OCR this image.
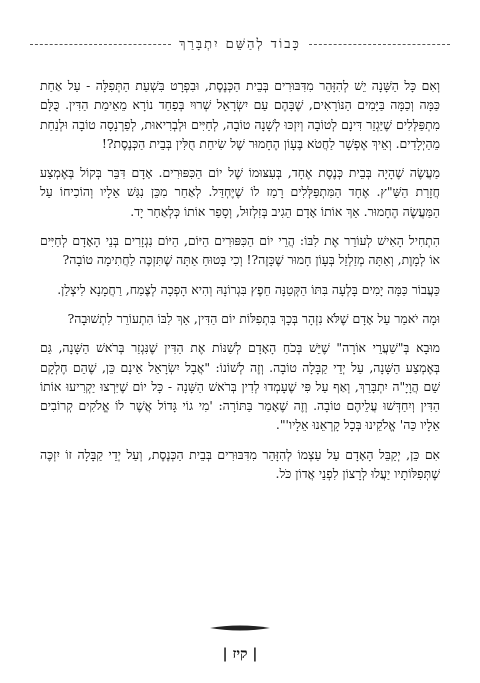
כָּבוֹד לְהַשֵּׁם יִתְבָּרַךְ

וְאִם כָּל הַשָּׁנָה יֵשׁ לְהִזָּהֵר מִדִּבּוּרִים בְּבֵית הַכְּנֶסֶת, וּבִפְרָט בִּשְׁעַת הַתְּפִלָּה - עַל אַחַת כַּמָּה וְכַמָּה בַּיָּמִים הַנּוֹרָאִים, שֶׁבָּהֶם עַם יִשְׂרָאֵל שְׁרוּיִ בְּפַחַד נוֹרָא מֵאֵימַת הַדִּין. כֻּלָּם מִתְפַּלְּלִים שֶׁיַּגְזֵר דִּינָם לְטוֹבָה וְיִזְכּוּ לְשָׁנָה טוֹבָה, לְחַיִּים וּלְבְרִיאוּת, לְפַרְנָסָה טוֹבָה וּלְנַחַת מֵהַיְלָדִים. וְאֵיךְ אֶפְשָׁר לַחֲטֹא בֶּעָוֹן הֶחָמוּר שֶׁל שִׂיחַת חֻלִּין בְּבֵית הַכְּנֶסֶת?!

מַעֲשֶׂה שֶׁהָיָה בְּבֵית כְּנֶסֶת אֶחָד, בְּעִצּוּמוֹ שֶׁל יוֹם הַכִּפּוּרִים. אָדָם דִּבֵּר בְּקוֹל בְּאֶמְצַע חֲזָרַת הַשַּׁ"ץ. אֶחָד הַמִּתְפַּלְּלִים רָמַז לוֹ שֶׁיֶּחְדַּל. לְאַחַר מִכֵּן נִגַּשׁ אֵלָיו וְהוֹכִיחוֹ עַל הַמַּעֲשֶׂה הֶחָמוּר. אַךְ אוֹתוֹ אָדָם הֵגִיב בְּזִלְזוּל, וְסָפַר אוֹתוֹ כְּלְאַחַר יָד.

הִתְחִיל הָאִישׁ לְעוֹרֵר אֶת לִבּוֹ: הֲרֵי יוֹם הַכִּפּוּרִים הַיּוֹם, הַיּוֹם נִגְזָרִים בְּנֵי הָאָדָם לְחַיִּים אוֹ לְמָוֶת, וְאַתָּה מְזַלְזֵל בְּעָוֹן חָמוּר שֶׁכָּזֶה?! וְכִי בָּטוּחַ אַתָּה שֶׁתִּזְכֶּה לַחֲתִימָה טוֹבָה?

כַּעֲבוֹר כַּמָּה יָמִים בָּלְעָה בִּתּוֹ הַקְּטַנָּה חֵפֶץ בִּגְרוֹנָהּ וְהִיא הָפְכָה לְצֶמַח, רַחֲמָנָא לִיצְלַן.

וּמָה יֹאמַר עַל אָדָם שֶׁלֹּא נִזְהָר בְּכָךְ בִּתְפִלּוֹת יוֹם הַדִּין, אַךְ לִבּוֹ הִתְעוֹרֵר לִתְשׁוּבָה?

מוּבָא בְּ"שַׁעֲרֵי אוֹרָה" שֶׁיֵּשׁ בְּכֹחַ הָאָדָם לְשַׁנּוֹת אֶת הַדִּין שֶׁנִּגְזַר בְּרֹאשׁ הַשָּׁנָה, גַּם בְּאֶמְצַע הַשָּׁנָה, עַל יְדֵי קַבָּלָה טוֹבָה. וְזֶה לְשׁוֹנוֹ: "אֲבָל יִשְׂרָאֵל אֵינָם כֵּן, שֶׁהֵם חֶלְקָם שֵׁם הֲוָיָ"ה יִתְבָּרַךְ, וְאַף עַל פִּי שֶׁעָמְדוּ לְדִין בְּרֹאשׁ הַשָּׁנָה - כָּל יוֹם שֶׁיִּרְצוּ יַקְרִיעוּ אוֹתוֹ הַדִּין וְיִחַדְּשׁוּ עֲלֵיהֶם טוֹבָה. וְזֶה שֶׁאָמַר בַּתּוֹרָה: 'מִי גוֹי גָּדוֹל אֲשֶׁר לוֹ אֱלֹקִים קְרוֹבִים אֵלָיו כַּה' אֱלֹקֵינוּ בְּכָל קָרְאֵנוּ אֵלָיו'".

אִם כֵּן, יְקַבֵּל הָאָדָם עַל עַצְמוֹ לְהִזָּהֵר מִדִּבּוּרִים בְּבֵית הַכְּנֶסֶת, וְעַל יְדֵי קַבָּלָה זוֹ יִזְכֶּה שֶׁתְּפִלּוֹתָיו יַעֲלוּ לְרָצוֹן לִפְנֵי אֲדוֹן כֹּל.

| קיז |
